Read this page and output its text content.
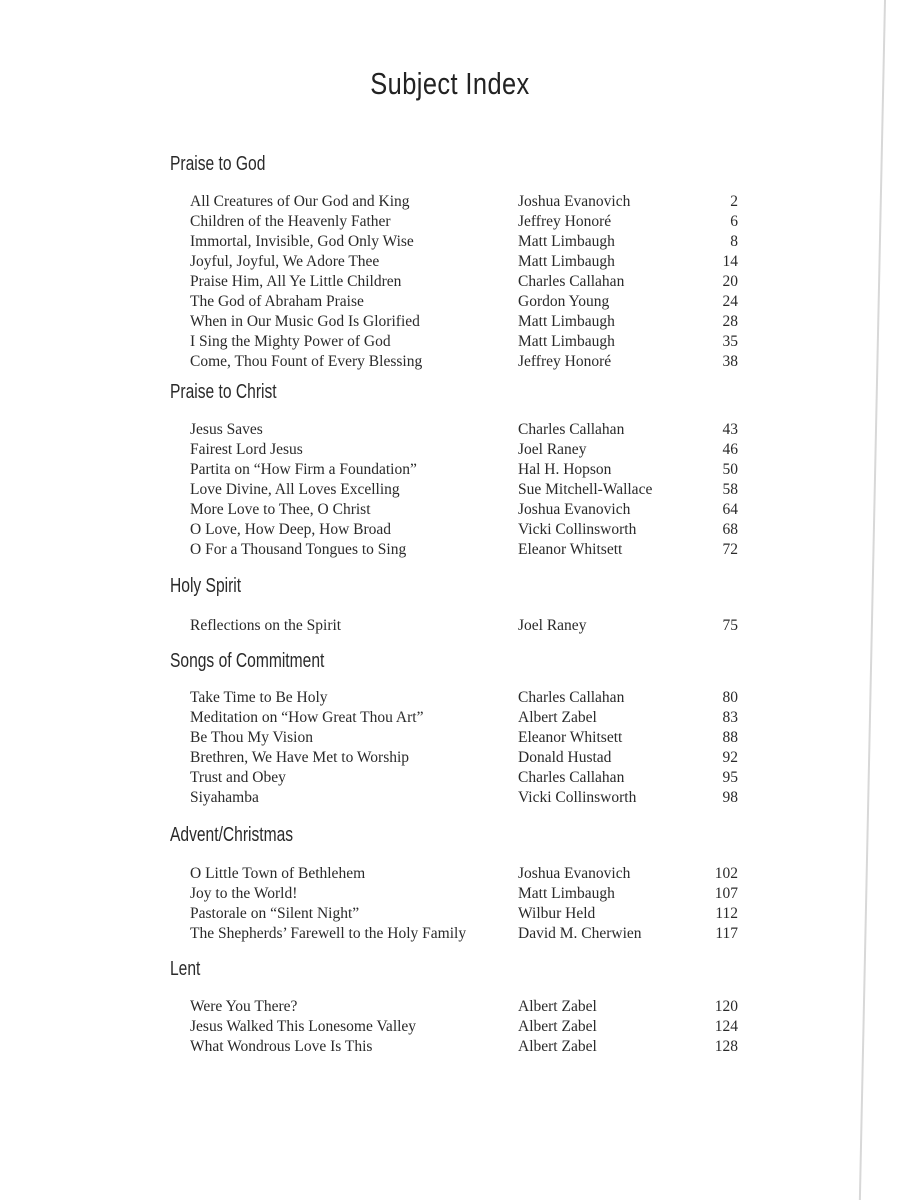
Subject Index
Praise to God
All Creatures of Our God and King	Joshua Evanovich	2
Children of the Heavenly Father	Jeffrey Honoré	6
Immortal, Invisible, God Only Wise	Matt Limbaugh	8
Joyful, Joyful, We Adore Thee	Matt Limbaugh	14
Praise Him, All Ye Little Children	Charles Callahan	20
The God of Abraham Praise	Gordon Young	24
When in Our Music God Is Glorified	Matt Limbaugh	28
I Sing the Mighty Power of God	Matt Limbaugh	35
Come, Thou Fount of Every Blessing	Jeffrey Honoré	38
Praise to Christ
Jesus Saves	Charles Callahan	43
Fairest Lord Jesus	Joel Raney	46
Partita on “How Firm a Foundation”	Hal H. Hopson	50
Love Divine, All Loves Excelling	Sue Mitchell-Wallace	58
More Love to Thee, O Christ	Joshua Evanovich	64
O Love, How Deep, How Broad	Vicki Collinsworth	68
O For a Thousand Tongues to Sing	Eleanor Whitsett	72
Holy Spirit
Reflections on the Spirit	Joel Raney	75
Songs of Commitment
Take Time to Be Holy	Charles Callahan	80
Meditation on “How Great Thou Art”	Albert Zabel	83
Be Thou My Vision	Eleanor Whitsett	88
Brethren, We Have Met to Worship	Donald Hustad	92
Trust and Obey	Charles Callahan	95
Siyahamba	Vicki Collinsworth	98
Advent/Christmas
O Little Town of Bethlehem	Joshua Evanovich	102
Joy to the World!	Matt Limbaugh	107
Pastorale on “Silent Night”	Wilbur Held	112
The Shepherds’ Farewell to the Holy Family	David M. Cherwien	117
Lent
Were You There?	Albert Zabel	120
Jesus Walked This Lonesome Valley	Albert Zabel	124
What Wondrous Love Is This	Albert Zabel	128
